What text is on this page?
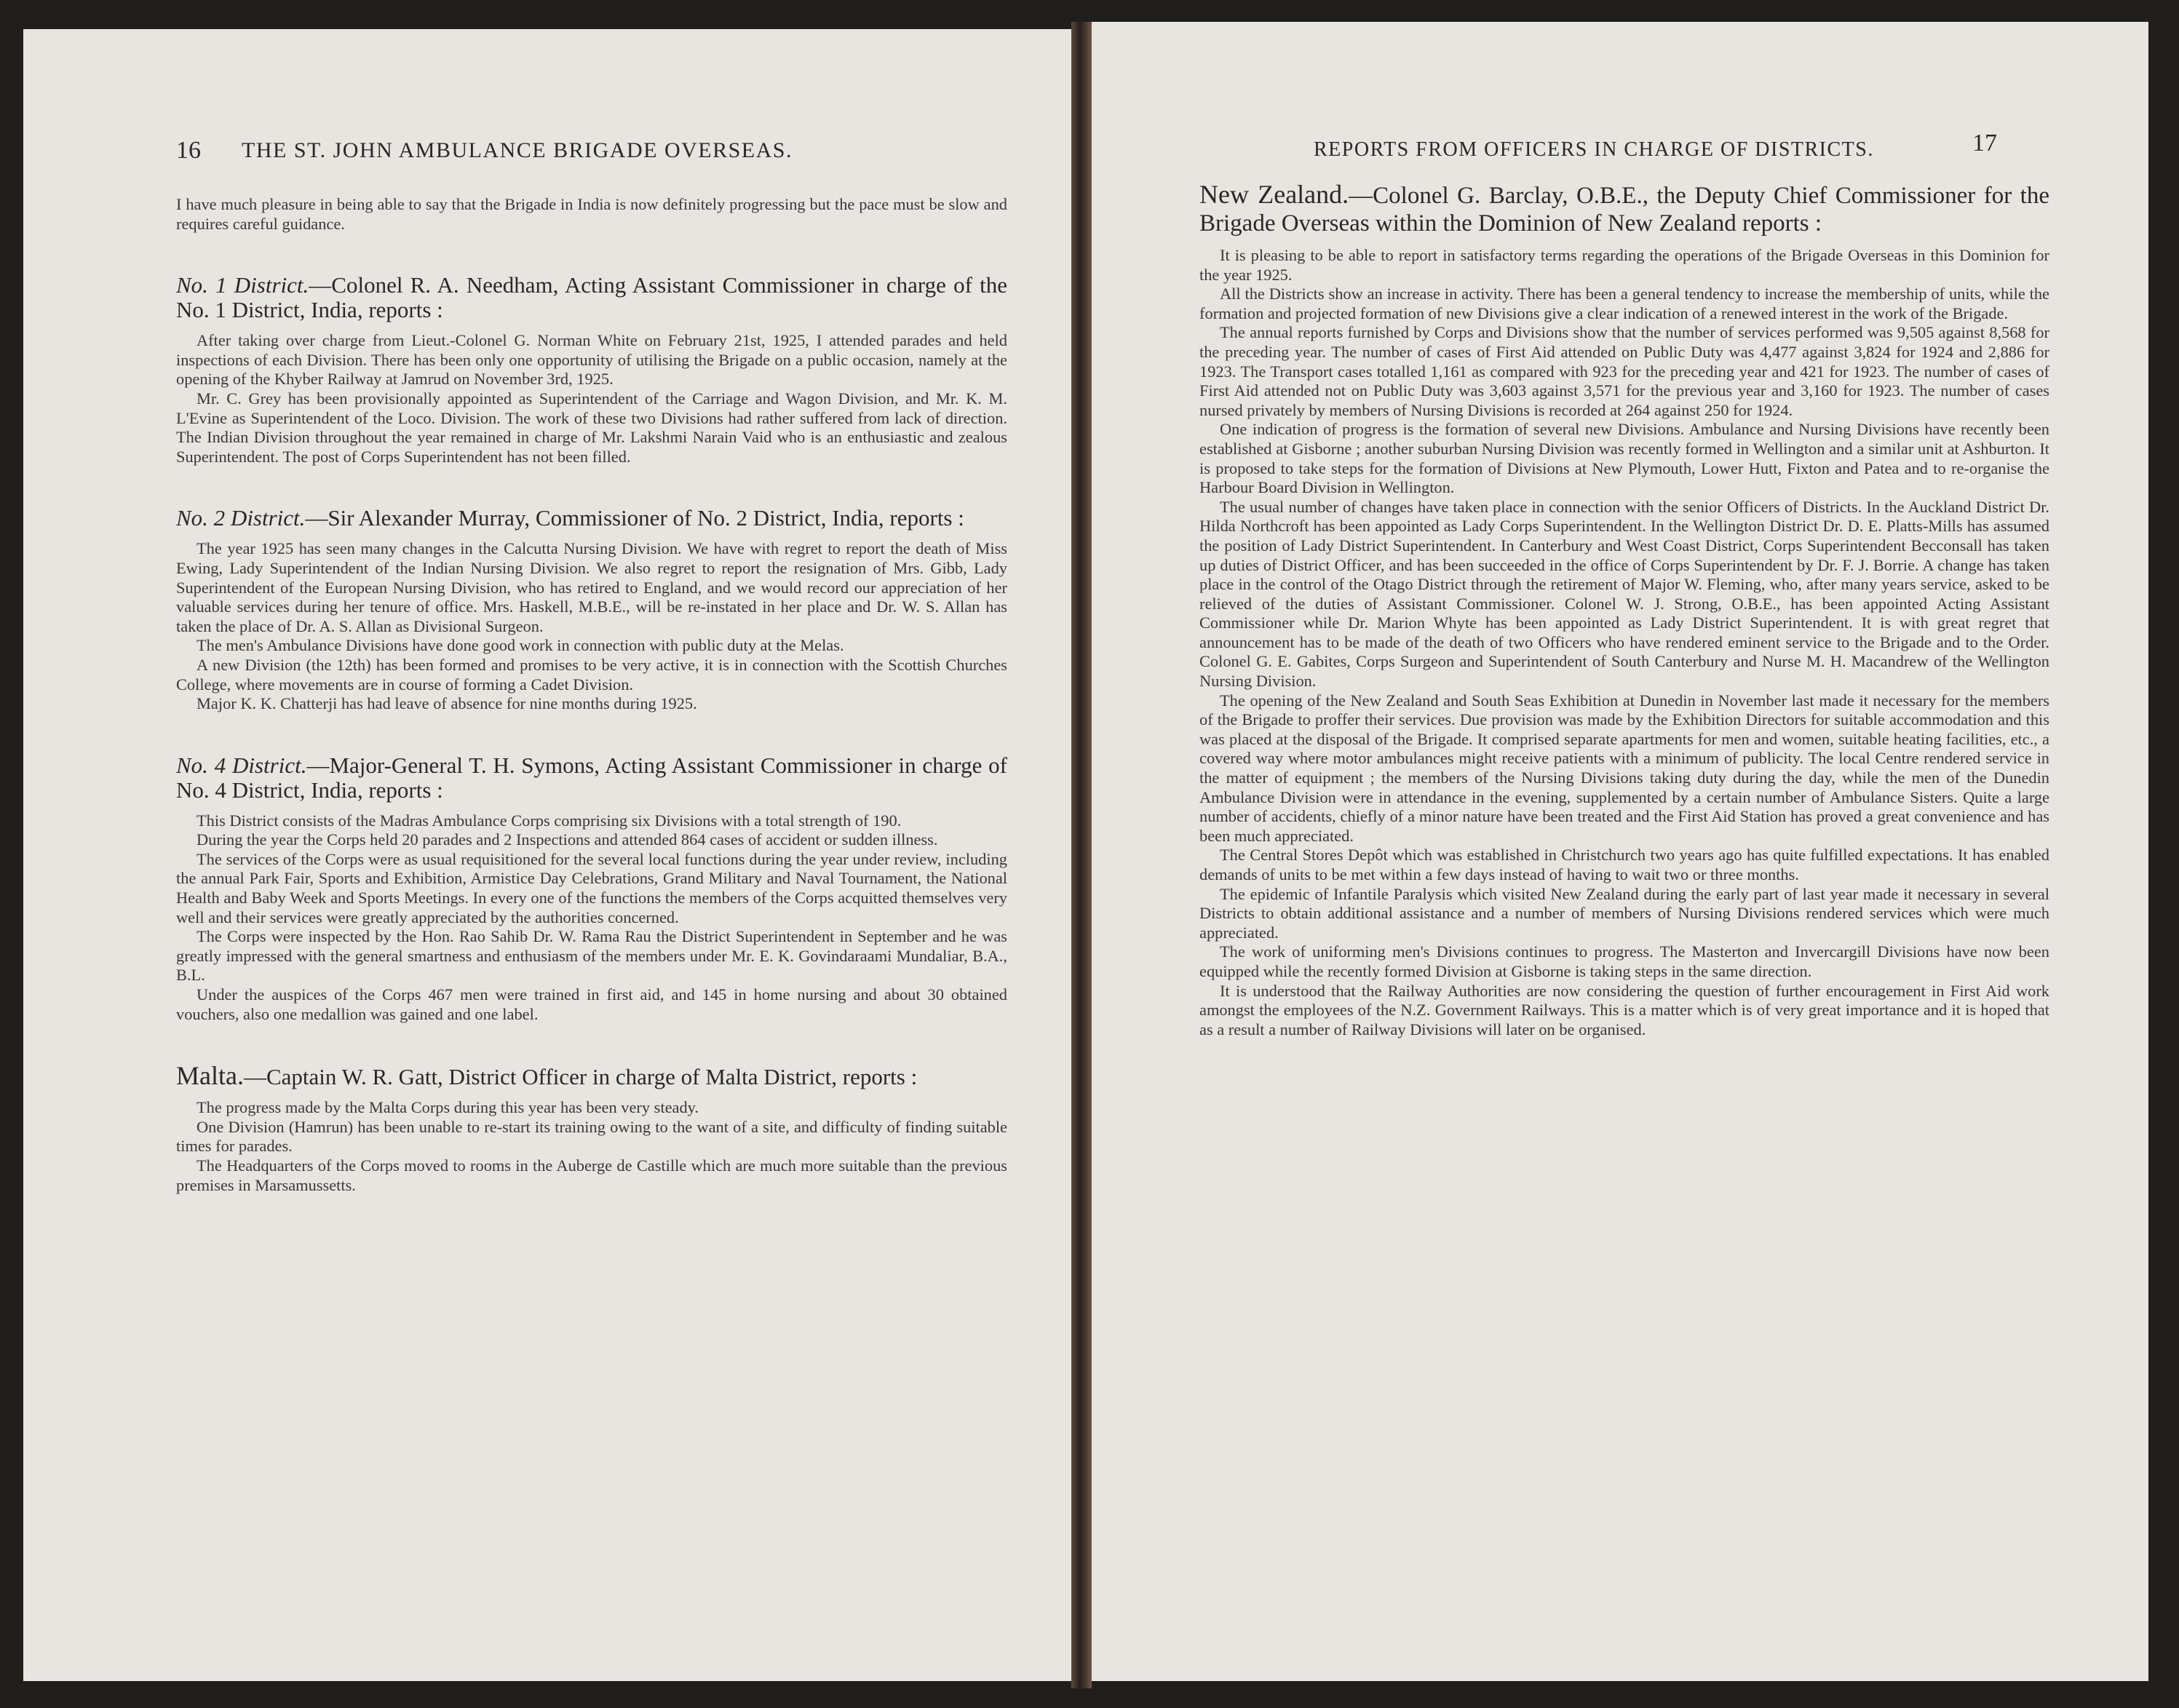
16 THE ST. JOHN AMBULANCE BRIGADE OVERSEAS.

I have much pleasure in being able to say that the Brigade in India is now definitely progressing but the pace must be slow and requires careful guidance.

No. 1 District.—Colonel R. A. Needham, Acting Assistant Commissioner in charge of the No. 1 District, India, reports :

After taking over charge from Lieut.-Colonel G. Norman White on February 21st, 1925, I attended parades and held inspections of each Division. There has been only one opportunity of utilising the Brigade on a public occasion, namely at the opening of the Khyber Railway at Jamrud on November 3rd, 1925.

Mr. C. Grey has been provisionally appointed as Superintendent of the Carriage and Wagon Division, and Mr. K. M. L'Evine as Superintendent of the Loco. Division. The work of these two Divisions had rather suffered from lack of direction. The Indian Division throughout the year remained in charge of Mr. Lakshmi Narain Vaid who is an enthusiastic and zealous Superintendent. The post of Corps Superintendent has not been filled.

No. 2 District.—Sir Alexander Murray, Commissioner of No. 2 District, India, reports :

The year 1925 has seen many changes in the Calcutta Nursing Division. We have with regret to report the death of Miss Ewing, Lady Superintendent of the Indian Nursing Division. We also regret to report the resignation of Mrs. Gibb, Lady Superintendent of the European Nursing Division, who has retired to England, and we would record our appreciation of her valuable services during her tenure of office. Mrs. Haskell, M.B.E., will be re-instated in her place and Dr. W. S. Allan has taken the place of Dr. A. S. Allan as Divisional Surgeon.

The men's Ambulance Divisions have done good work in connection with public duty at the Melas.

A new Division (the 12th) has been formed and promises to be very active, it is in connection with the Scottish Churches College, where movements are in course of forming a Cadet Division.

Major K. K. Chatterji has had leave of absence for nine months during 1925.

No. 4 District.—Major-General T. H. Symons, Acting Assistant Commissioner in charge of No. 4 District, India, reports :

This District consists of the Madras Ambulance Corps comprising six Divisions with a total strength of 190.

During the year the Corps held 20 parades and 2 Inspections and attended 864 cases of accident or sudden illness.

The services of the Corps were as usual requisitioned for the several local functions during the year under review, including the annual Park Fair, Sports and Exhibition, Armistice Day Celebrations, Grand Military and Naval Tournament, the National Health and Baby Week and Sports Meetings. In every one of the functions the members of the Corps acquitted themselves very well and their services were greatly appreciated by the authorities concerned.

The Corps were inspected by the Hon. Rao Sahib Dr. W. Rama Rau the District Superintendent in September and he was greatly impressed with the general smartness and enthusiasm of the members under Mr. E. K. Govindaraami Mundaliar, B.A., B.L.

Under the auspices of the Corps 467 men were trained in first aid, and 145 in home nursing and about 30 obtained vouchers, also one medallion was gained and one label.

Malta.—Captain W. R. Gatt, District Officer in charge of Malta District, reports :

The progress made by the Malta Corps during this year has been very steady.

One Division (Hamrun) has been unable to re-start its training owing to the want of a site, and difficulty of finding suitable times for parades.

The Headquarters of the Corps moved to rooms in the Auberge de Castille which are much more suitable than the previous premises in Marsamussetts.

REPORTS FROM OFFICERS IN CHARGE OF DISTRICTS.	17

New Zealand.—Colonel G. Barclay, O.B.E., the Deputy Chief Commissioner for the Brigade Overseas within the Dominion of New Zealand reports :

It is pleasing to be able to report in satisfactory terms regarding the operations of the Brigade Overseas in this Dominion for the year 1925.

All the Districts show an increase in activity. There has been a general tendency to increase the membership of units, while the formation and projected formation of new Divisions give a clear indication of a renewed interest in the work of the Brigade.

The annual reports furnished by Corps and Divisions show that the number of services performed was 9,505 against 8,568 for the preceding year. The number of cases of First Aid attended on Public Duty was 4,477 against 3,824 for 1924 and 2,886 for 1923. The Transport cases totalled 1,161 as compared with 923 for the preceding year and 421 for 1923. The number of cases of First Aid attended not on Public Duty was 3,603 against 3,571 for the previous year and 3,160 for 1923. The number of cases nursed privately by members of Nursing Divisions is recorded at 264 against 250 for 1924.

One indication of progress is the formation of several new Divisions. Ambulance and Nursing Divisions have recently been established at Gisborne ; another suburban Nursing Division was recently formed in Wellington and a similar unit at Ashburton. It is proposed to take steps for the formation of Divisions at New Plymouth, Lower Hutt, Fixton and Patea and to re-organise the Harbour Board Division in Wellington.

The usual number of changes have taken place in connection with the senior Officers of Districts. In the Auckland District Dr. Hilda Northcroft has been appointed as Lady Corps Superintendent. In the Wellington District Dr. D. E. Platts-Mills has assumed the position of Lady District Superintendent. In Canterbury and West Coast District, Corps Superintendent Becconsall has taken up duties of District Officer, and has been succeeded in the office of Corps Superintendent by Dr. F. J. Borrie. A change has taken place in the control of the Otago District through the retirement of Major W. Fleming, who, after many years service, asked to be relieved of the duties of Assistant Commissioner. Colonel W. J. Strong, O.B.E., has been appointed Acting Assistant Commissioner while Dr. Marion Whyte has been appointed as Lady District Superintendent. It is with great regret that announcement has to be made of the death of two Officers who have rendered eminent service to the Brigade and to the Order. Colonel G. E. Gabites, Corps Surgeon and Superintendent of South Canterbury and Nurse M. H. Macandrew of the Wellington Nursing Division.

The opening of the New Zealand and South Seas Exhibition at Dunedin in November last made it necessary for the members of the Brigade to proffer their services. Due provision was made by the Exhibition Directors for suitable accommodation and this was placed at the disposal of the Brigade. It comprised separate apartments for men and women, suitable heating facilities, etc., a covered way where motor ambulances might receive patients with a minimum of publicity. The local Centre rendered service in the matter of equipment ; the members of the Nursing Divisions taking duty during the day, while the men of the Dunedin Ambulance Division were in attendance in the evening, supplemented by a certain number of Ambulance Sisters. Quite a large number of accidents, chiefly of a minor nature have been treated and the First Aid Station has proved a great convenience and has been much appreciated.

The Central Stores Depôt which was established in Christchurch two years ago has quite fulfilled expectations. It has enabled demands of units to be met within a few days instead of having to wait two or three months.

The epidemic of Infantile Paralysis which visited New Zealand during the early part of last year made it necessary in several Districts to obtain additional assistance and a number of members of Nursing Divisions rendered services which were much appreciated.

The work of uniforming men's Divisions continues to progress. The Masterton and Invercargill Divisions have now been equipped while the recently formed Division at Gisborne is taking steps in the same direction.

It is understood that the Railway Authorities are now considering the question of further encouragement in First Aid work amongst the employees of the N.Z. Government Railways. This is a matter which is of very great importance and it is hoped that as a result a number of Railway Divisions will later on be organised.
